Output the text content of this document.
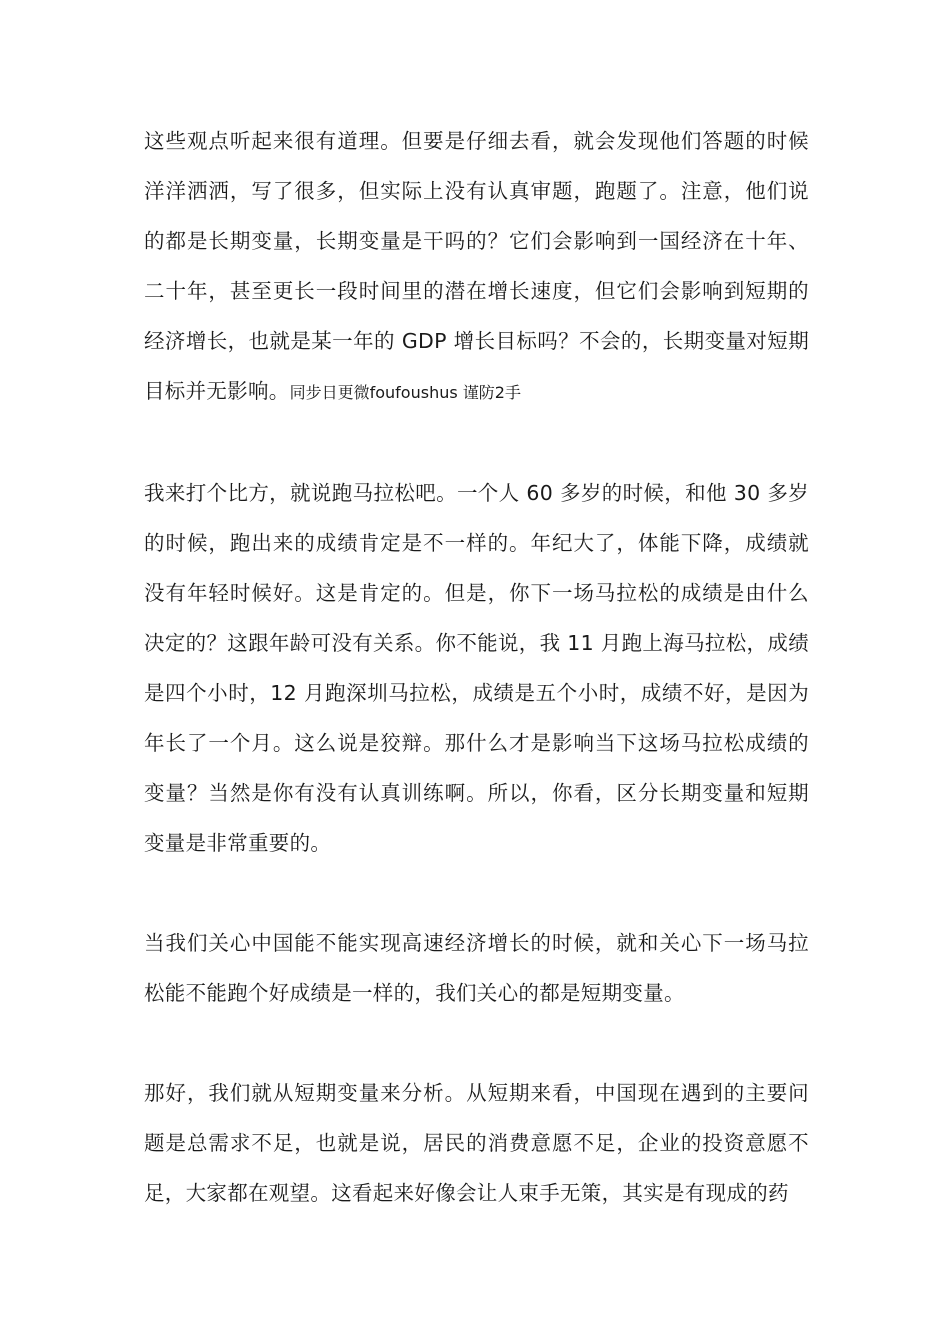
这些观点听起来很有道理。但要是仔细去看，就会发现他们答题的时候洋洋洒洒，写了很多，但实际上没有认真审题，跑题了。注意，他们说的都是长期变量，长期变量是干吗的？它们会影响到一国经济在十年、二十年，甚至更长一段时间里的潜在增长速度，但它们会影响到短期的经济增长，也就是某一年的 GDP 增长目标吗？不会的，长期变量对短期目标并无影响。同步日更微foufoushus 谨防2手

我来打个比方，就说跑马拉松吧。一个人 60 多岁的时候，和他 30 多岁的时候，跑出来的成绩肯定是不一样的。年纪大了，体能下降，成绩就没有年轻时候好。这是肯定的。但是，你下一场马拉松的成绩是由什么决定的？这跟年龄可没有关系。你不能说，我 11 月跑上海马拉松，成绩是四个小时，12 月跑深圳马拉松，成绩是五个小时，成绩不好，是因为年长了一个月。这么说是狡辩。那什么才是影响当下这场马拉松成绩的变量？当然是你有没有认真训练啊。所以，你看，区分长期变量和短期变量是非常重要的。

当我们关心中国能不能实现高速经济增长的时候，就和关心下一场马拉松能不能跑个好成绩是一样的，我们关心的都是短期变量。

那好，我们就从短期变量来分析。从短期来看，中国现在遇到的主要问题是总需求不足，也就是说，居民的消费意愿不足，企业的投资意愿不足，大家都在观望。这看起来好像会让人束手无策，其实是有现成的药
